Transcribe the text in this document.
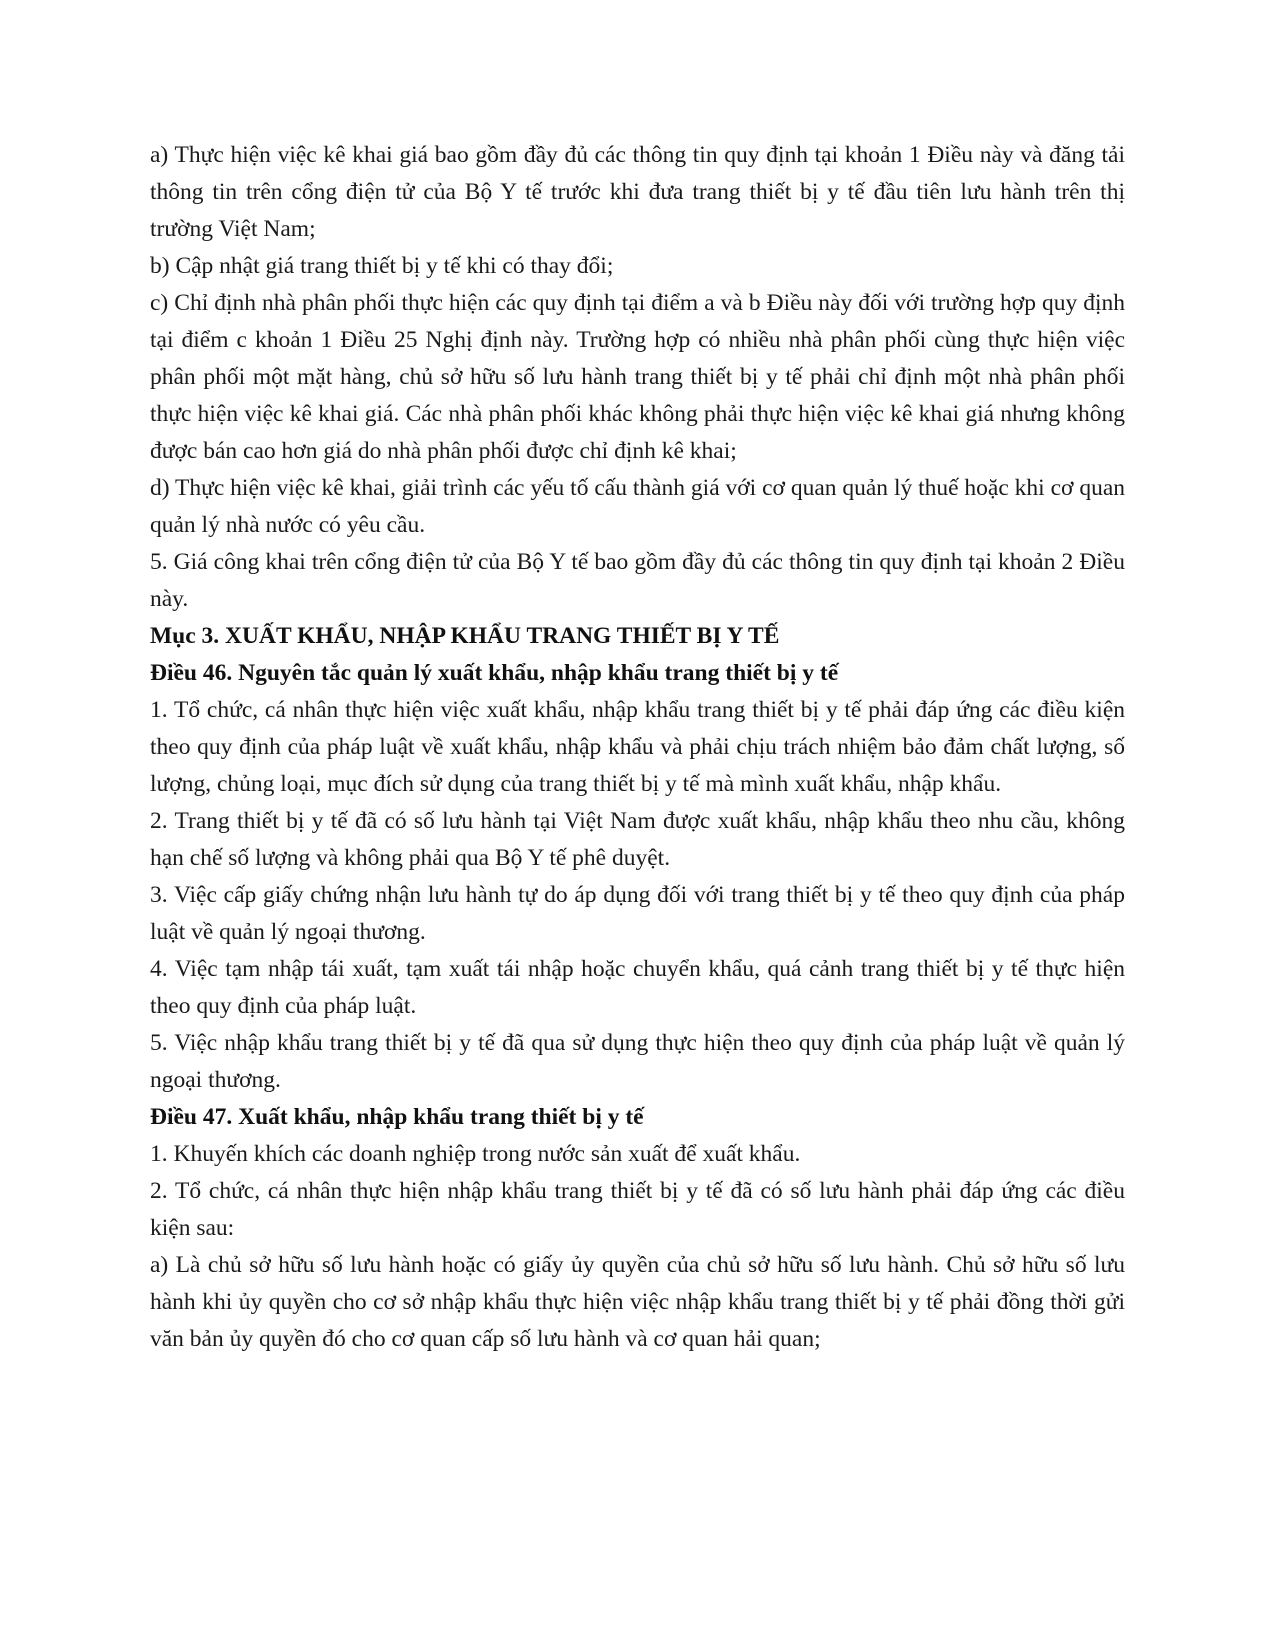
a) Thực hiện việc kê khai giá bao gồm đầy đủ các thông tin quy định tại khoản 1 Điều này và đăng tải thông tin trên cổng điện tử của Bộ Y tế trước khi đưa trang thiết bị y tế đầu tiên lưu hành trên thị trường Việt Nam;

b) Cập nhật giá trang thiết bị y tế khi có thay đổi;

c) Chỉ định nhà phân phối thực hiện các quy định tại điểm a và b Điều này đối với trường hợp quy định tại điểm c khoản 1 Điều 25 Nghị định này. Trường hợp có nhiều nhà phân phối cùng thực hiện việc phân phối một mặt hàng, chủ sở hữu số lưu hành trang thiết bị y tế phải chỉ định một nhà phân phối thực hiện việc kê khai giá. Các nhà phân phối khác không phải thực hiện việc kê khai giá nhưng không được bán cao hơn giá do nhà phân phối được chỉ định kê khai;

d) Thực hiện việc kê khai, giải trình các yếu tố cấu thành giá với cơ quan quản lý thuế hoặc khi cơ quan quản lý nhà nước có yêu cầu.

5. Giá công khai trên cổng điện tử của Bộ Y tế bao gồm đầy đủ các thông tin quy định tại khoản 2 Điều này.

Mục 3. XUẤT KHẨU, NHẬP KHẨU TRANG THIẾT BỊ Y TẾ

Điều 46. Nguyên tắc quản lý xuất khẩu, nhập khẩu trang thiết bị y tế

1. Tổ chức, cá nhân thực hiện việc xuất khẩu, nhập khẩu trang thiết bị y tế phải đáp ứng các điều kiện theo quy định của pháp luật về xuất khẩu, nhập khẩu và phải chịu trách nhiệm bảo đảm chất lượng, số lượng, chủng loại, mục đích sử dụng của trang thiết bị y tế mà mình xuất khẩu, nhập khẩu.

2. Trang thiết bị y tế đã có số lưu hành tại Việt Nam được xuất khẩu, nhập khẩu theo nhu cầu, không hạn chế số lượng và không phải qua Bộ Y tế phê duyệt.

3. Việc cấp giấy chứng nhận lưu hành tự do áp dụng đối với trang thiết bị y tế theo quy định của pháp luật về quản lý ngoại thương.

4. Việc tạm nhập tái xuất, tạm xuất tái nhập hoặc chuyển khẩu, quá cảnh trang thiết bị y tế thực hiện theo quy định của pháp luật.

5. Việc nhập khẩu trang thiết bị y tế đã qua sử dụng thực hiện theo quy định của pháp luật về quản lý ngoại thương.

Điều 47. Xuất khẩu, nhập khẩu trang thiết bị y tế

1. Khuyến khích các doanh nghiệp trong nước sản xuất để xuất khẩu.

2. Tổ chức, cá nhân thực hiện nhập khẩu trang thiết bị y tế đã có số lưu hành phải đáp ứng các điều kiện sau:

a) Là chủ sở hữu số lưu hành hoặc có giấy ủy quyền của chủ sở hữu số lưu hành. Chủ sở hữu số lưu hành khi ủy quyền cho cơ sở nhập khẩu thực hiện việc nhập khẩu trang thiết bị y tế phải đồng thời gửi văn bản ủy quyền đó cho cơ quan cấp số lưu hành và cơ quan hải quan;
